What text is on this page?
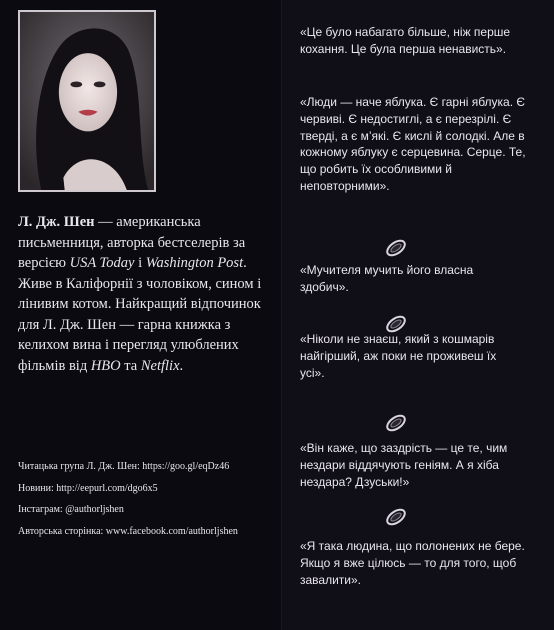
Л. Дж. Шен — американська письменниця, авторка бестселерів за версією USA Today і Washington Post. Живе в Каліфорнії з чоловіком, сином і лінивим котом. Найкращий відпочинок для Л. Дж. Шен — гарна книжка з келихом вина і перегляд улюблених фільмів від HBO та Netflix.

Читацька група Л. Дж. Шен: https://goo.gl/eqDz46
Новини: http://eepurl.com/dgo6x5
Інстаграм: @authorljshen
Авторська сторінка: www.facebook.com/authorljshen

«Це було набагато більше, ніж перше кохання. Це була перша ненависть».

«Люди — наче яблука. Є гарні яблука. Є червиві. Є недостиглі, а є перезрілі. Є тверді, а є м’які. Є кислі й солодкі. Але в кожному яблуку є серцевина. Серце. Те, що робить їх особливими й неповторними».

«Мучителя мучить його власна здобич».

«Ніколи не знаєш, який з кошмарів найгірший, аж поки не проживеш їх усі».

«Він каже, що заздрість — це те, чим нездари віддячують геніям. А я хіба нездара? Дзуськи!»

«Я така людина, що полонених не бере. Якщо я вже цілюсь — то для того, щоб завалити».
